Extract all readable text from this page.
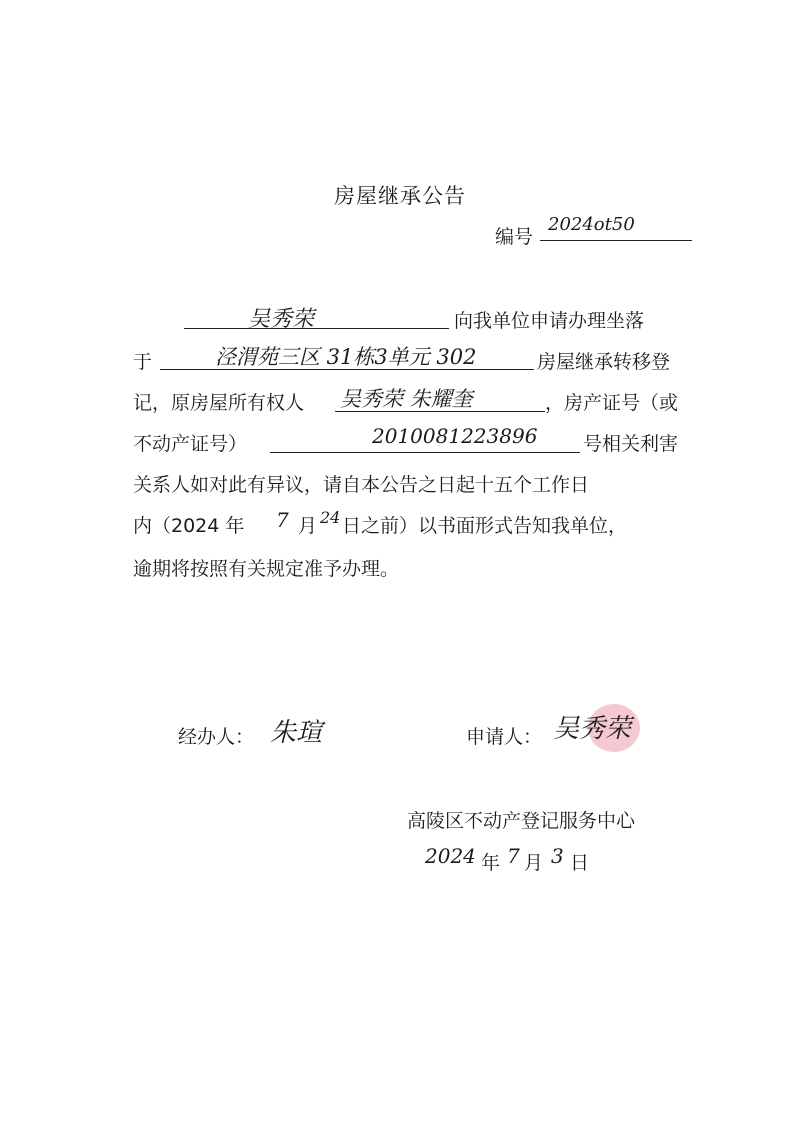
房屋继承公告
编号
2024ot50
吴秀荣	向我单位申请办理坐落
于	泾渭苑三区 31栋3单元 302	房屋继承转移登
记，原房屋所有权人 吴秀荣 朱耀奎	，房产证号（或
不动产证号）	2010081223896 号相关利害
关系人如对此有异议，请自本公告之日起十五个工作日
内（2024 年 7 月 24 日之前）以书面形式告知我单位，
逾期将按照有关规定准予办理。
经办人： 朱瑄	申请人： 吴秀荣
高陵区不动产登记服务中心
2024 年 7 月 3 日
